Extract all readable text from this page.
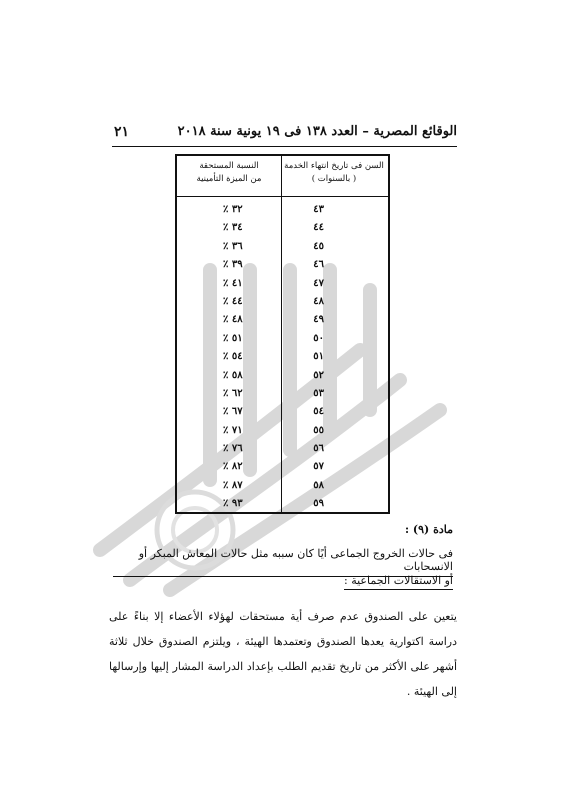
الوقائع المصرية – العدد ١٣٨ فى ١٩ يونية سنة ٢٠١٨
٢١
السن فى تاريخ انتهاء الخدمة
( بالسنوات )
النسبة المستحقة
من الميزة التأمينية
٤٣
٣٢ ٪
٤٤
٣٤ ٪
٤٥
٣٦ ٪
٤٦
٣٩ ٪
٤٧
٤١ ٪
٤٨
٤٤ ٪
٤٩
٤٨ ٪
٥٠
٥١ ٪
٥١
٥٤ ٪
٥٢
٥٨ ٪
٥٣
٦٢ ٪
٥٤
٦٧ ٪
٥٥
٧١ ٪
٥٦
٧٦ ٪
٥٧
٨٢ ٪
٥٨
٨٧ ٪
٥٩
٩٣ ٪
مادة (٩) :
فى حالات الخروج الجماعى أيًا كان سببه مثل حالات المعاش المبكر أو الانسحابات
أو الاستقالات الجماعية :
يتعين على الصندوق عدم صرف أية مستحقات لهؤلاء الأعضاء إلا بناءً على دراسة اكتوارية يعدها الصندوق وتعتمدها الهيئة ، ويلتزم الصندوق خلال ثلاثة أشهر على الأكثر من تاريخ تقديم الطلب بإعداد الدراسة المشار إليها وإرسالها إلى الهيئة .
